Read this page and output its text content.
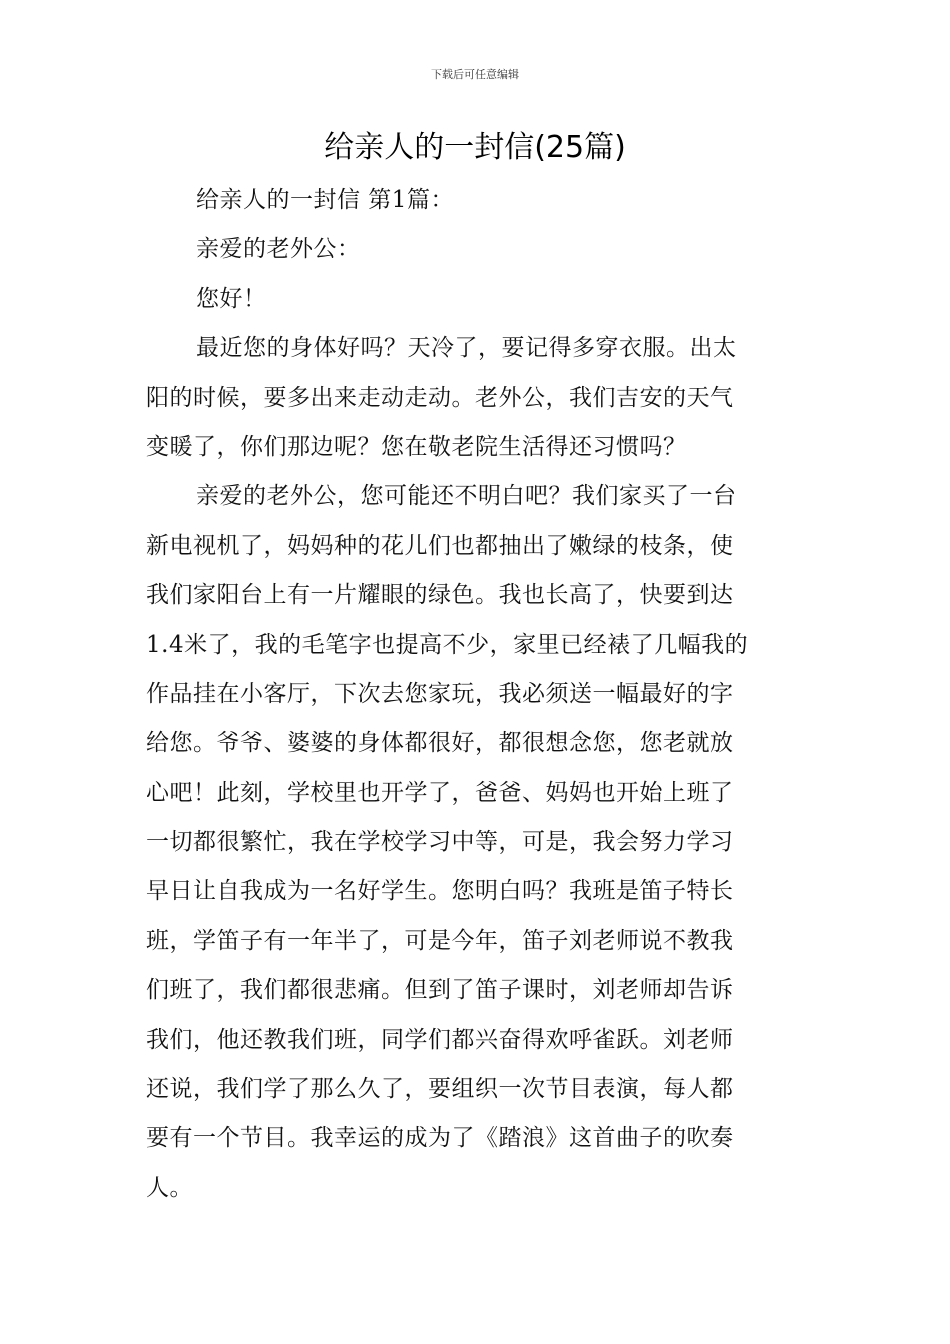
下载后可任意编辑
给亲人的一封信(25篇)
给亲人的一封信 第1篇：
亲爱的老外公：
您好！
最近您的身体好吗？天冷了，要记得多穿衣服。出太
阳的时候，要多出来走动走动。老外公，我们吉安的天气
变暖了，你们那边呢？您在敬老院生活得还习惯吗？
亲爱的老外公，您可能还不明白吧？我们家买了一台
新电视机了，妈妈种的花儿们也都抽出了嫩绿的枝条，使
我们家阳台上有一片耀眼的绿色。我也长高了，快要到达
1.4米了，我的毛笔字也提高不少，家里已经裱了几幅我的
作品挂在小客厅，下次去您家玩，我必须送一幅最好的字
给您。爷爷、婆婆的身体都很好，都很想念您，您老就放
心吧！此刻，学校里也开学了，爸爸、妈妈也开始上班了
一切都很繁忙，我在学校学习中等，可是，我会努力学习
早日让自我成为一名好学生。您明白吗？我班是笛子特长
班，学笛子有一年半了，可是今年，笛子刘老师说不教我
们班了，我们都很悲痛。但到了笛子课时，刘老师却告诉
我们，他还教我们班，同学们都兴奋得欢呼雀跃。刘老师
还说，我们学了那么久了，要组织一次节目表演，每人都
要有一个节目。我幸运的成为了《踏浪》这首曲子的吹奏
人。
